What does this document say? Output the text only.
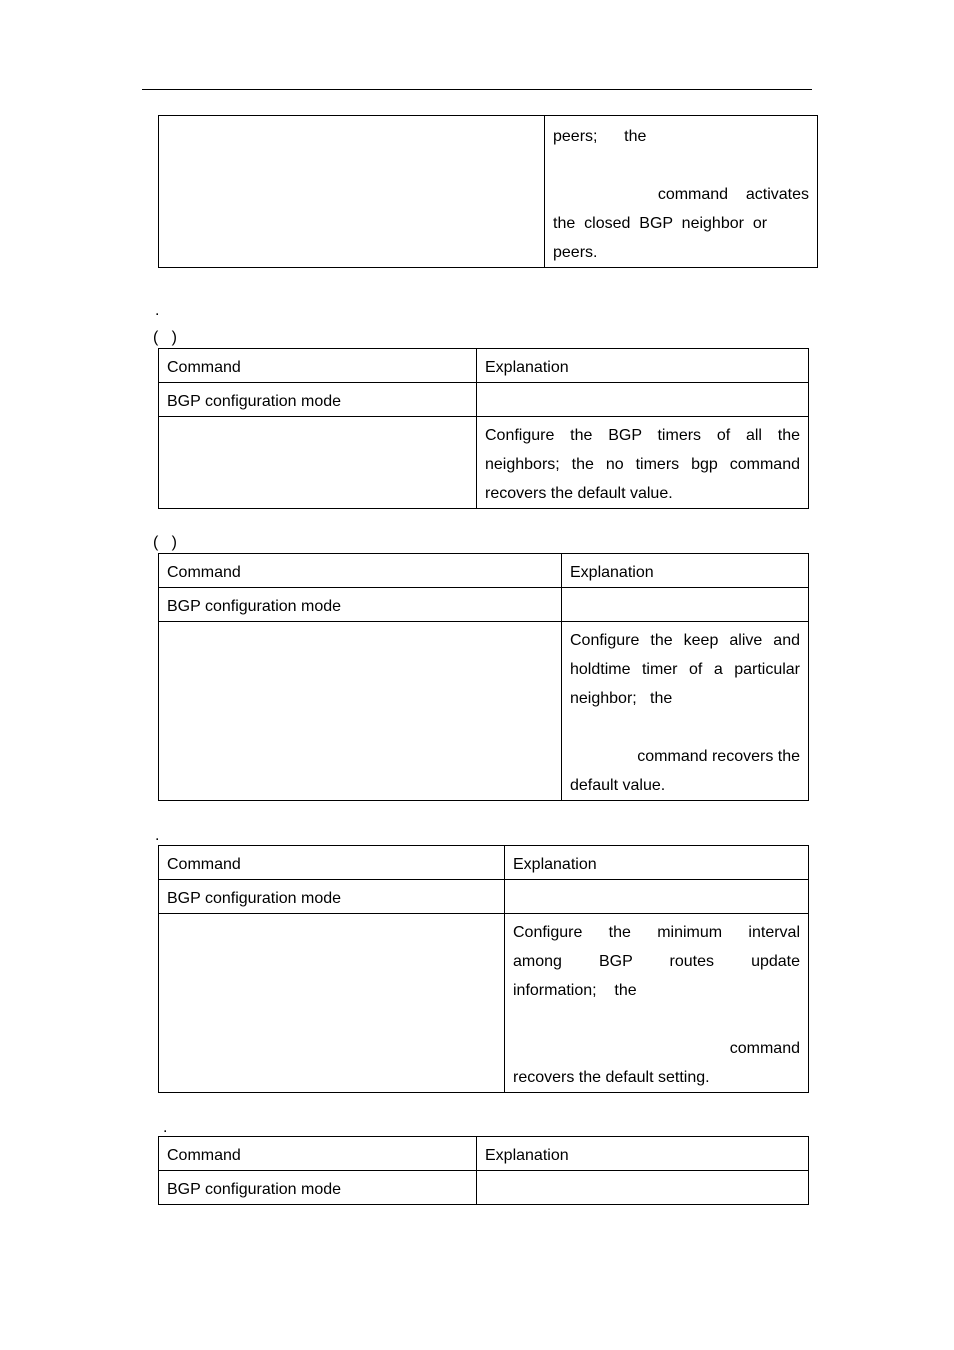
peers;      the
command    activates
the  closed  BGP  neighbor  or
peers.
.
(   )
Command	Explanation
BGP configuration mode	
	Configure the BGP timers of all the neighbors; the no timers bgp command recovers the default value.
(   )
Command	Explanation
BGP configuration mode	

	Configure the keep alive and
holdtime timer of a particular
neighbor;   the
command recovers the
default value.
.
Command	Explanation
BGP configuration mode	

	Configure   the   minimum   interval
among    BGP    routes    update
information;    the
command
recovers the default setting.
.
Command	Explanation
BGP configuration mode	
